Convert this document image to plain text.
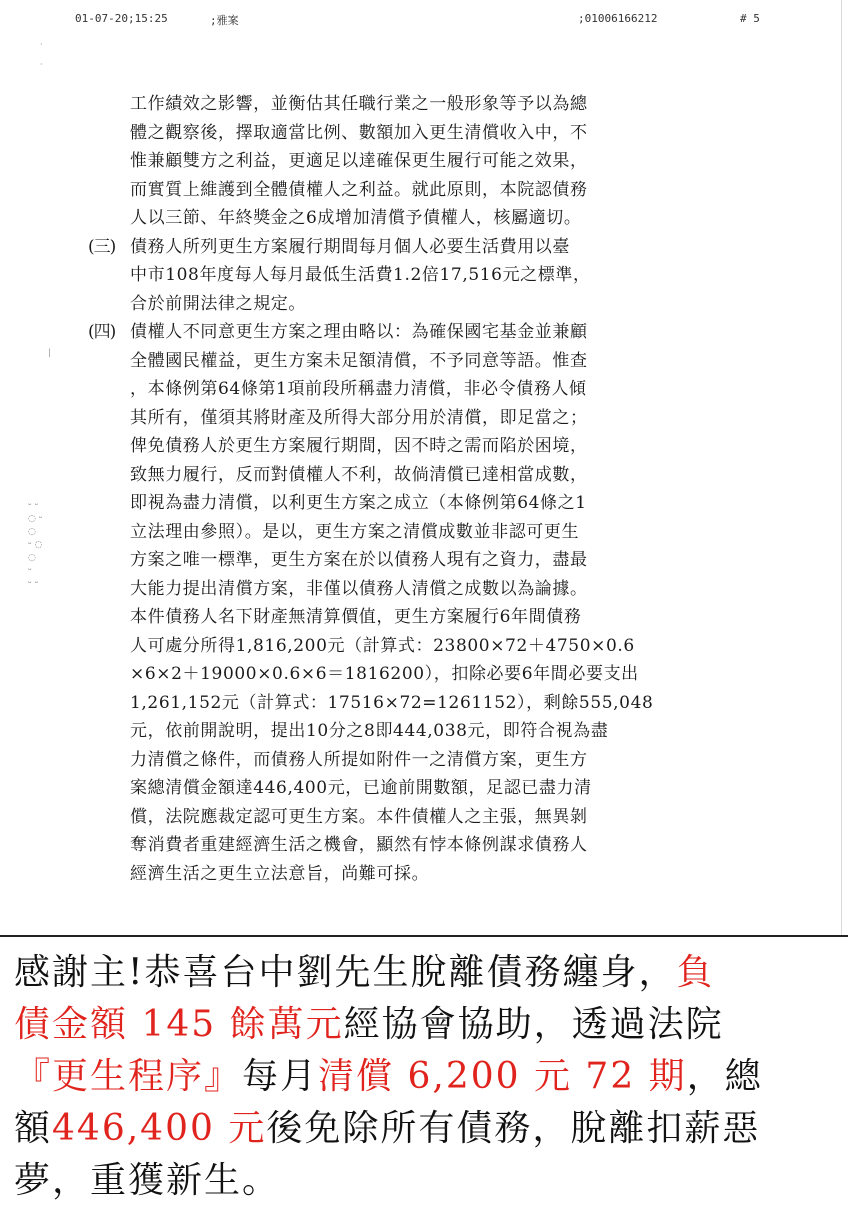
01-07-20;15:25	;雅案	;01006166212	# 5
·
·
|
ᵕ ᵕ
◌ ᵕ
◌
ᵕ ◌
◌
ᵕ
ᵕ ᵕ

工作績效之影響，並衡估其任職行業之一般形象等予以為總

體之觀察後，擇取適當比例、數額加入更生清償收入中，不

惟兼顧雙方之利益，更適足以達確保更生履行可能之效果，

而實質上維護到全體債權人之利益。就此原則，本院認債務

人以三節、年終獎金之6成增加清償予債權人，核屬適切。

(三) 債務人所列更生方案履行期間每月個人必要生活費用以臺

中市108年度每人每月最低生活費1.2倍17,516元之標準，

合於前開法律之規定。

(四) 債權人不同意更生方案之理由略以：為確保國宅基金並兼顧

全體國民權益，更生方案未足額清償，不予同意等語。惟查

，本條例第64條第1項前段所稱盡力清償，非必令債務人傾

其所有，僅須其將財產及所得大部分用於清償，即足當之；

俾免債務人於更生方案履行期間，因不時之需而陷於困境，

致無力履行，反而對債權人不利，故倘清償已達相當成數，

即視為盡力清償，以利更生方案之成立（本條例第64條之1

立法理由參照）。是以，更生方案之清償成數並非認可更生

方案之唯一標準，更生方案在於以債務人現有之資力，盡最

大能力提出清償方案，非僅以債務人清償之成數以為論據。

本件債務人名下財產無清算價值，更生方案履行6年間債務

人可處分所得1,816,200元（計算式：23800×72＋4750×0.6

×6×2＋19000×0.6×6＝1816200），扣除必要6年間必要支出

1,261,152元（計算式：17516×72=1261152），剩餘555,048

元，依前開說明，提出10分之8即444,038元，即符合視為盡

力清償之條件，而債務人所提如附件一之清償方案，更生方

案總清償金額達446,400元，已逾前開數額，足認已盡力清

償，法院應裁定認可更生方案。本件債權人之主張，無異剝

奪消費者重建經濟生活之機會，顯然有悖本條例謀求債務人

經濟生活之更生立法意旨，尚難可採。

感謝主!恭喜台中劉先生脫離債務纏身，負

債金額 145 餘萬元經協會協助，透過法院

『更生程序』每月清償 6,200 元 72 期，總

額446,400 元後免除所有債務，脫離扣薪惡

夢，重獲新生。
